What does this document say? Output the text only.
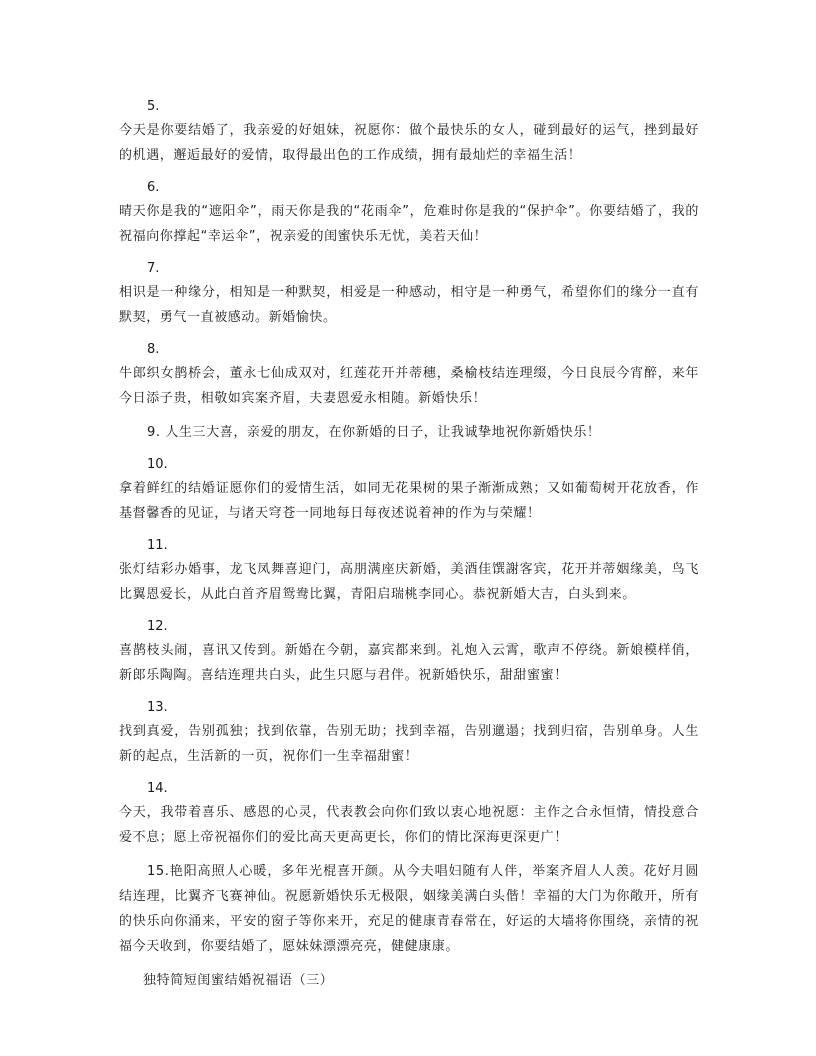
5.
今天是你要结婚了，我亲爱的好姐妹，祝愿你：做个最快乐的女人，碰到最好的运气，挫到最好的机遇，邂逅最好的爱情，取得最出色的工作成绩，拥有最灿烂的幸福生活！
6.
晴天你是我的“遮阳伞”，雨天你是我的“花雨伞”，危难时你是我的“保护伞”。你要结婚了，我的祝福向你撑起“幸运伞”，祝亲爱的闺蜜快乐无忧，美若天仙！
7.
相识是一种缘分，相知是一种默契，相爱是一种感动，相守是一种勇气，希望你们的缘分一直有默契，勇气一直被感动。新婚愉快。
8.
牛郎织女鹊桥会，董永七仙成双对，红莲花开并蒂穗，桑榆枝结连理缀，今日良辰今宵醉，来年今日添子贵，相敬如宾案齐眉，夫妻恩爱永相随。新婚快乐！
9. 人生三大喜，亲爱的朋友，在你新婚的日子，让我诚挚地祝你新婚快乐！
10.
拿着鲜红的结婚证愿你们的爱情生活，如同无花果树的果子渐渐成熟；又如葡萄树开花放香，作基督馨香的见证，与诸天穹苍一同地每日每夜述说着神的作为与荣耀！
11.
张灯结彩办婚事，龙飞凤舞喜迎门，高朋满座庆新婚，美酒佳馔謝客宾，花开并蒂姻缘美，鸟飞比翼恩爱长，从此白首齐眉鸳鸯比翼，青阳启瑞桃李同心。恭祝新婚大吉，白头到来。
12.
喜鹊枝头闹，喜讯又传到。新婚在今朝，嘉宾都来到。礼炮入云霄，歌声不停绕。新娘模样俏，新郎乐陶陶。喜结连理共白头，此生只愿与君伴。祝新婚快乐，甜甜蜜蜜！
13.
找到真爱，告别孤独；找到依靠，告别无助；找到幸福，告别邋遢；找到归宿，告别单身。人生新的起点，生活新的一页，祝你们一生幸福甜蜜！
14.
今天，我带着喜乐、感恩的心灵，代表教会向你们致以衷心地祝愿：主作之合永恒情，情投意合爱不息；愿上帝祝福你们的爱比高天更高更长，你们的情比深海更深更广！
15.艳阳高照人心暖，多年光棍喜开颜。从今夫唱妇随有人伴，举案齐眉人人羡。花好月圆结连理，比翼齐飞赛神仙。祝愿新婚快乐无极限，姻缘美满白头偕！幸福的大门为你敞开，所有的快乐向你涌来，平安的窗子等你来开，充足的健康青春常在，好运的大墙将你围绕，亲情的祝福今天收到，你要结婚了，愿妹妹漂漂亮亮，健健康康。
独特简短闺蜜结婚祝福语（三）
